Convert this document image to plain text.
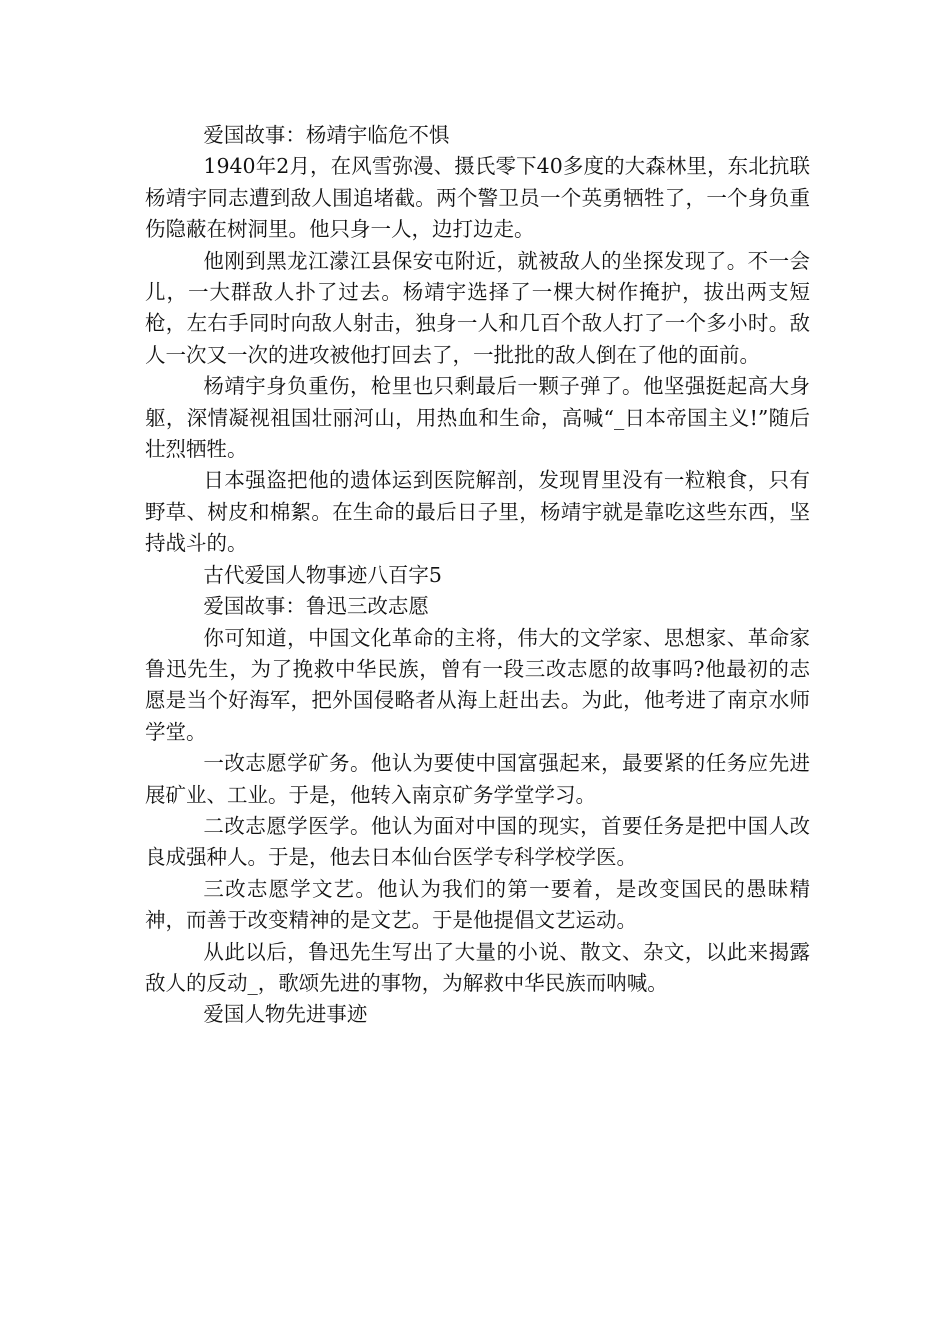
爱国故事：杨靖宇临危不惧

1940年2月，在风雪弥漫、摄氏零下40多度的大森林里，东北抗联杨靖宇同志遭到敌人围追堵截。两个警卫员一个英勇牺牲了，一个身负重伤隐蔽在树洞里。他只身一人，边打边走。

他刚到黑龙江濛江县保安屯附近，就被敌人的坐探发现了。不一会儿，一大群敌人扑了过去。杨靖宇选择了一棵大树作掩护，拔出两支短枪，左右手同时向敌人射击，独身一人和几百个敌人打了一个多小时。敌人一次又一次的进攻被他打回去了，一批批的敌人倒在了他的面前。

杨靖宇身负重伤，枪里也只剩最后一颗子弹了。他坚强挺起高大身躯，深情凝视祖国壮丽河山，用热血和生命，高喊“_日本帝国主义!”随后壮烈牺牲。

日本强盗把他的遗体运到医院解剖，发现胃里没有一粒粮食，只有野草、树皮和棉絮。在生命的最后日子里，杨靖宇就是靠吃这些东西，坚持战斗的。

古代爱国人物事迹八百字5

爱国故事：鲁迅三改志愿

你可知道，中国文化革命的主将，伟大的文学家、思想家、革命家鲁迅先生，为了挽救中华民族，曾有一段三改志愿的故事吗?他最初的志愿是当个好海军，把外国侵略者从海上赶出去。为此，他考进了南京水师学堂。

一改志愿学矿务。他认为要使中国富强起来，最要紧的任务应先进展矿业、工业。于是，他转入南京矿务学堂学习。

二改志愿学医学。他认为面对中国的现实，首要任务是把中国人改良成强种人。于是，他去日本仙台医学专科学校学医。

三改志愿学文艺。他认为我们的第一要着，是改变国民的愚昧精神，而善于改变精神的是文艺。于是他提倡文艺运动。

从此以后，鲁迅先生写出了大量的小说、散文、杂文，以此来揭露敌人的反动_，歌颂先进的事物，为解救中华民族而呐喊。

爱国人物先进事迹
